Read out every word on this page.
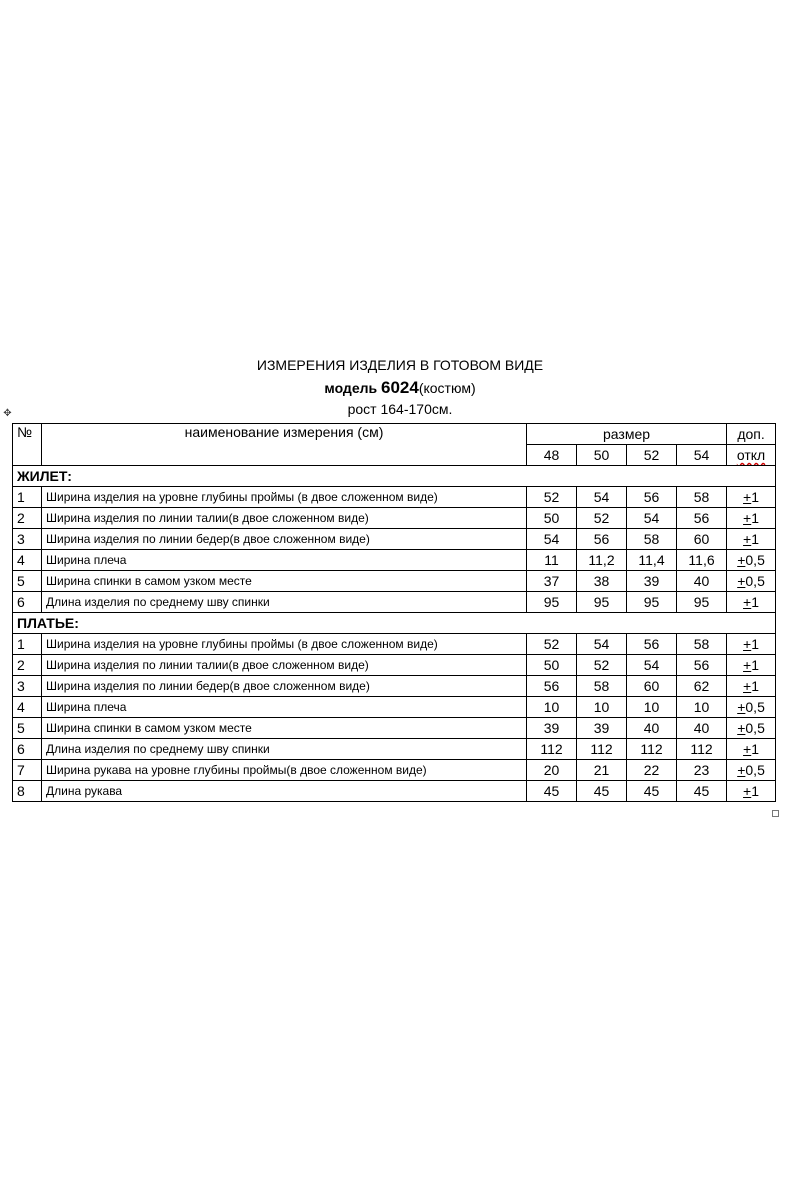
ИЗМЕРЕНИЯ ИЗДЕЛИЯ В ГОТОВОМ ВИДЕ
модель 6024(костюм)
рост 164-170см.
✥
№	наименование измерения (см)	размер				доп.
		48	50	52	54	откл
ЖИЛЕТ:						
1	Ширина изделия на уровне глубины проймы (в двое сложенном виде)	52	54	56	58	+1
2	Ширина изделия по линии талии(в двое сложенном виде)	50	52	54	56	+1
3	Ширина изделия по линии бедер(в двое сложенном виде)	54	56	58	60	+1
4	Ширина плеча	11	11,2	11,4	11,6	+0,5
5	Ширина спинки в самом узком месте	37	38	39	40	+0,5
6	Длина изделия по среднему шву спинки	95	95	95	95	+1
ПЛАТЬЕ:						
1	Ширина изделия на уровне глубины проймы (в двое сложенном виде)	52	54	56	58	+1
2	Ширина изделия по линии талии(в двое сложенном виде)	50	52	54	56	+1
3	Ширина изделия по линии бедер(в двое сложенном виде)	56	58	60	62	+1
4	Ширина плеча	10	10	10	10	+0,5
5	Ширина спинки в самом узком месте	39	39	40	40	+0,5
6	Длина изделия по среднему шву спинки	112	112	112	112	+1
7	Ширина рукава на уровне глубины проймы(в двое сложенном виде)	20	21	22	23	+0,5
8	Длина рукава	45	45	45	45	+1
